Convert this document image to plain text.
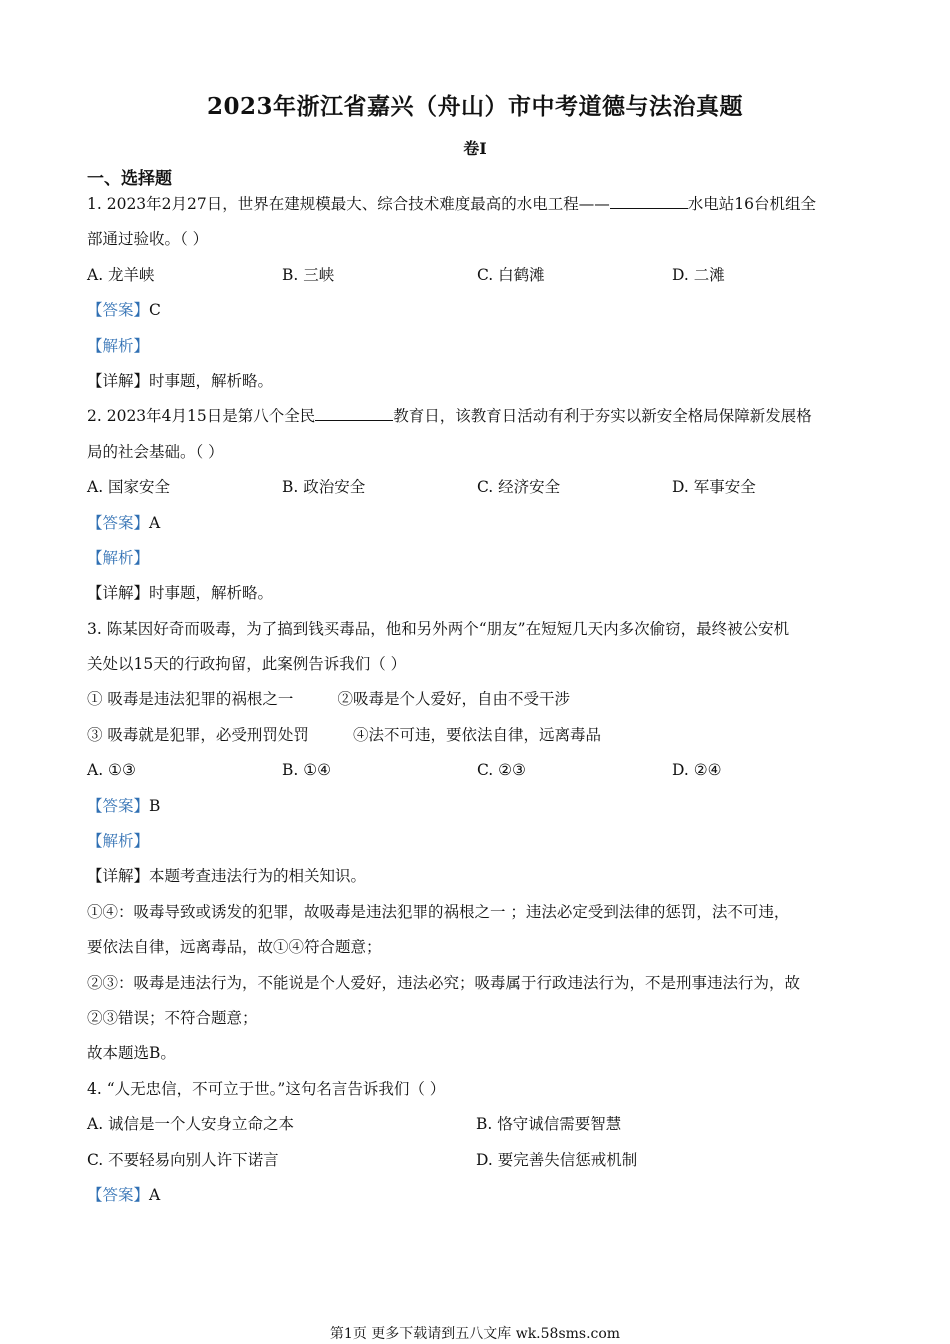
2023年浙江省嘉兴（舟山）市中考道德与法治真题
卷I
一、选择题
1. 2023年2月27日，世界在建规模最大、综合技术难度最高的水电工程——	水电站16台机组全
部通过验收。（ ）
A. 龙羊峡	B. 三峡	C. 白鹤滩	D. 二滩
【答案】C
【解析】
【详解】时事题，解析略。
2. 2023年4月15日是第八个全民	教育日，该教育日活动有利于夯实以新安全格局保障新发展格
局的社会基础。（ ）
A. 国家安全	B. 政治安全	C. 经济安全	D. 军事安全
【答案】A
【解析】
【详解】时事题，解析略。
3. 陈某因好奇而吸毒，为了搞到钱买毒品，他和另外两个“朋友”在短短几天内多次偷窃，最终被公安机
关处以15天的行政拘留，此案例告诉我们（ ）
① 吸毒是违法犯罪的祸根之一	②吸毒是个人爱好，自由不受干涉
③ 吸毒就是犯罪，必受刑罚处罚	④法不可违，要依法自律，远离毒品
A. ①③	B. ①④	C. ②③	D. ②④
【答案】B
【解析】
【详解】本题考查违法行为的相关知识。
①④：吸毒导致或诱发的犯罪，故吸毒是违法犯罪的祸根之一 ；违法必定受到法律的惩罚，法不可违，
要依法自律，远离毒品，故①④符合题意；
②③：吸毒是违法行为，不能说是个人爱好，违法必究；吸毒属于行政违法行为，不是刑事违法行为，故
②③错误；不符合题意；
故本题选B。
4. “人无忠信，不可立于世。”这句名言告诉我们（ ）
A. 诚信是一个人安身立命之本	B. 恪守诚信需要智慧
C. 不要轻易向别人许下诺言	D. 要完善失信惩戒机制
【答案】A
第1页 更多下载请到五八文库 wk.58sms.com
